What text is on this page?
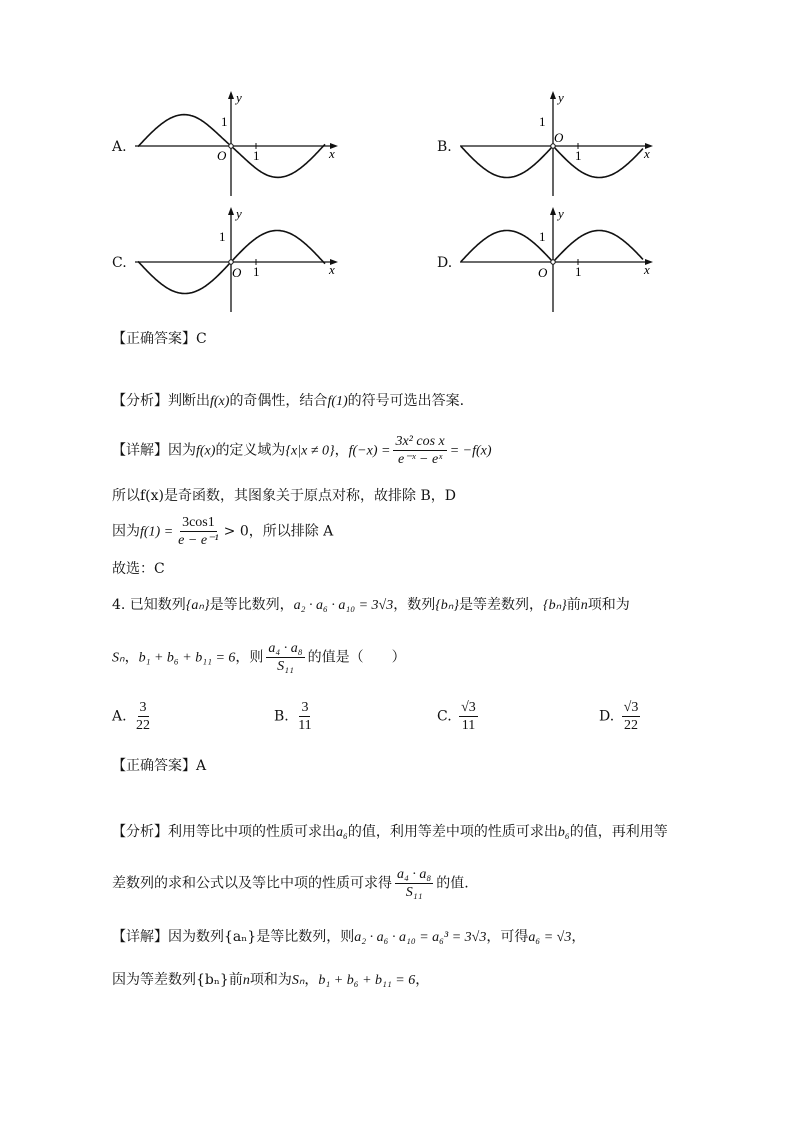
A.
y
x
O
1
1
B.
y
x
O
1
1
C.
y
x
O
1
1
D.
y
x
O
1
1
【正确答案】C
【分析】判断出f(x)的奇偶性，结合f(1)的符号可选出答案.
【详解】因为f(x)的定义域为{x|x ≠ 0}，$f(-x) = \frac{\text{3x² cos x}}{\text{e⁻ˣ − eˣ}} = -f(x)$
所以f(x)是奇函数，其图象关于原点对称，故排除 B，D
因为$f(1) = \frac{3\cos 1}{\text{e − e⁻¹}} > 0$，所以排除 A
故选：C
4. 已知数列{aₙ}是等比数列，a₂ · a₆ · a₁₀ = 3√3，数列{bₙ}是等差数列，{bₙ}前n项和为
Sₙ，b₁ + b₆ + b₁₁ = 6，则 $\frac{\text{a₄ · a₈}}{\text{S₁₁}}$ 的值是（　　）
A. $\frac{3}{22}$	B. $\frac{3}{11}$	C. $\frac{√3}{11}$	D. $\frac{√3}{22}$
【正确答案】A
【分析】利用等比中项的性质可求出a₆的值，利用等差中项的性质可求出b₆的值，再利用等
差数列的求和公式以及等比中项的性质可求得 $\frac{\text{a₄ · a₈}}{\text{S₁₁}}$ 的值.
【详解】因为数列{aₙ}是等比数列，则a₂ · a₆ · a₁₀ = a₆³ = 3√3，可得a₆ = √3，
因为等差数列{bₙ}前n项和为Sₙ，b₁ + b₆ + b₁₁ = 6，
